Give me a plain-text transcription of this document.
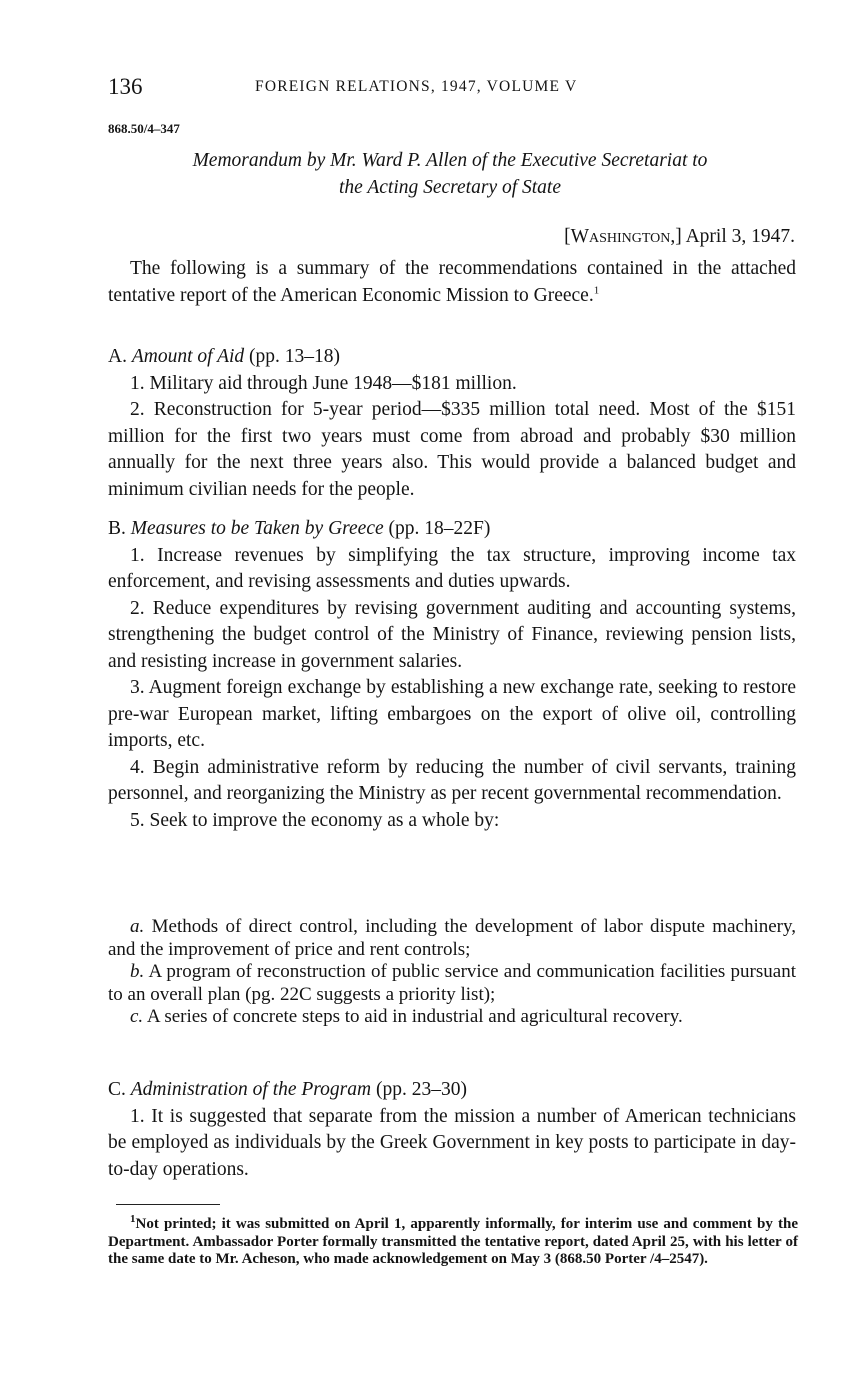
136	FOREIGN RELATIONS, 1947, VOLUME V
868.50/4–347
Memorandum by Mr. Ward P. Allen of the Executive Secretariat to
the Acting Secretary of State
[Washington,] April 3, 1947.

The following is a summary of the recommendations contained in the attached tentative report of the American Economic Mission to Greece.$^1$

A. Amount of Aid (pp. 13–18)

1. Military aid through June 1948—$181 million.

2. Reconstruction for 5-year period—$335 million total need. Most of the $151 million for the first two years must come from abroad and probably $30 million annually for the next three years also. This would provide a balanced budget and minimum civilian needs for the people.

B. Measures to be Taken by Greece (pp. 18–22F)

1. Increase revenues by simplifying the tax structure, improving income tax enforcement, and revising assessments and duties upwards.

2. Reduce expenditures by revising government auditing and accounting systems, strengthening the budget control of the Ministry of Finance, reviewing pension lists, and resisting increase in government salaries.

3. Augment foreign exchange by establishing a new exchange rate, seeking to restore pre-war European market, lifting embargoes on the export of olive oil, controlling imports, etc.

4. Begin administrative reform by reducing the number of civil servants, training personnel, and reorganizing the Ministry as per recent governmental recommendation.

5. Seek to improve the economy as a whole by:

a. Methods of direct control, including the development of labor dispute machinery, and the improvement of price and rent controls;

b. A program of reconstruction of public service and communication facilities pursuant to an overall plan (pg. 22C suggests a priority list);

c. A series of concrete steps to aid in industrial and agricultural recovery.

C. Administration of the Program (pp. 23–30)

1. It is suggested that separate from the mission a number of American technicians be employed as individuals by the Greek Government in key posts to participate in day-to-day operations.

$^1$Not printed; it was submitted on April 1, apparently informally, for interim use and comment by the Department. Ambassador Porter formally transmitted the tentative report, dated April 25, with his letter of the same date to Mr. Acheson, who made acknowledgement on May 3 (868.50 Porter /4–2547).
